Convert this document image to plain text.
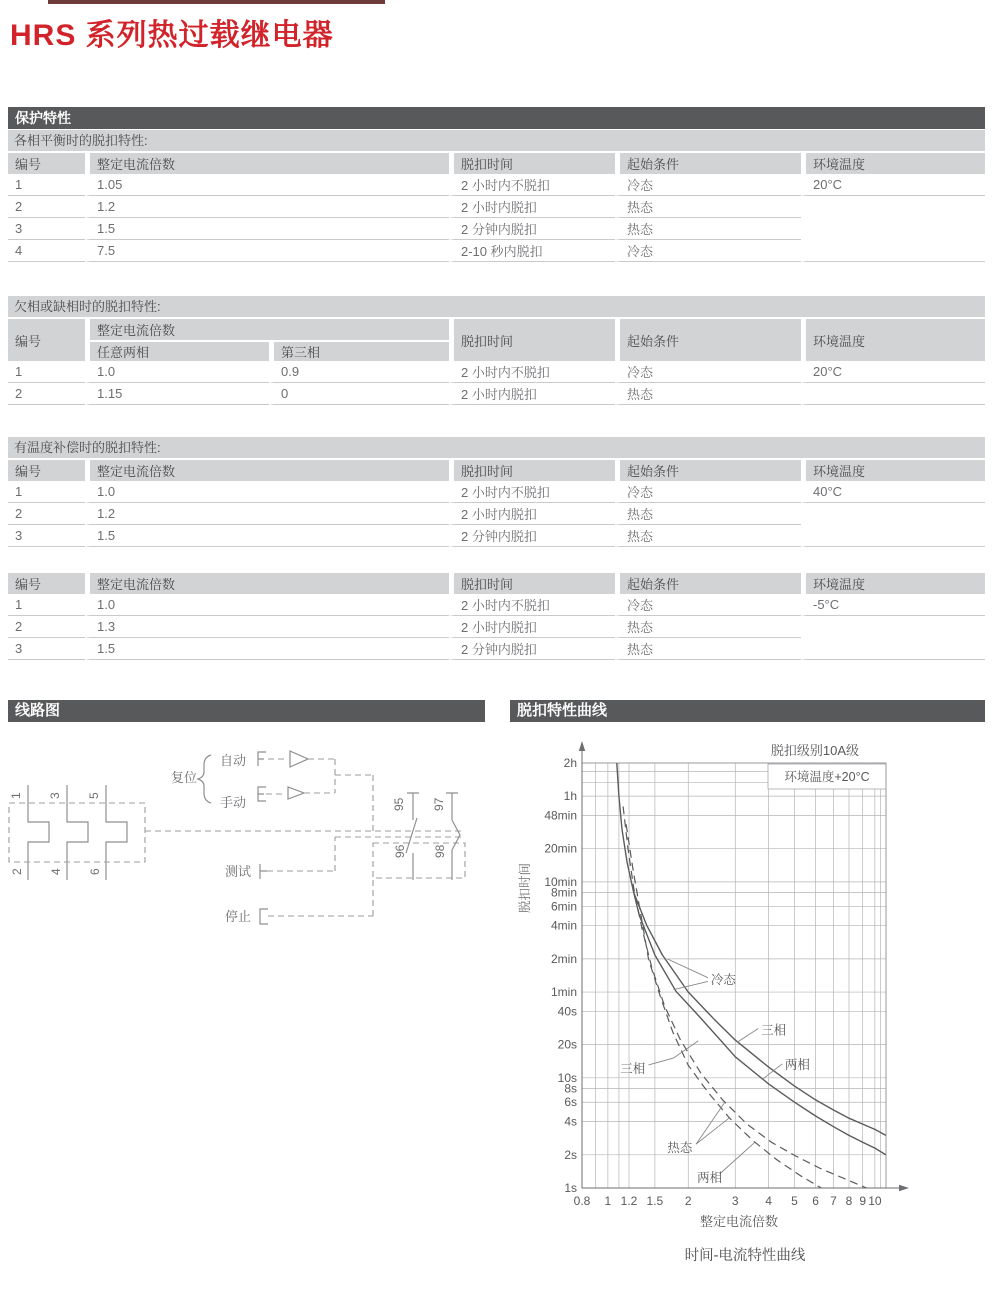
HRS 系列热过载继电器
保护特性
各相平衡时的脱扣特性:
编号	整定电流倍数	脱扣时间	起始条件	环境温度
1	1.05	2 小时内不脱扣	冷态	20°C
2	1.2	2 小时内脱扣	热态	
3	1.5	2 分钟内脱扣	热态	
4	7.5	2-10 秒内脱扣	冷态	
欠相或缺相时的脱扣特性:
编号	整定电流倍数		脱扣时间	起始条件	环境温度
	任意两相	第三相			
1	1.0	0.9	2 小时内不脱扣	冷态	20°C
2	1.15	0	2 小时内脱扣	热态	
有温度补偿时的脱扣特性:
编号	整定电流倍数	脱扣时间	起始条件	环境温度
1	1.0	2 小时内不脱扣	冷态	40°C
2	1.2	2 小时内脱扣	热态	
3	1.5	2 分钟内脱扣	热态	
编号	整定电流倍数	脱扣时间	起始条件	环境温度
1	1.0	2 小时内不脱扣	冷态	-5°C
2	1.3	2 小时内脱扣	热态	
3	1.5	2 分钟内脱扣	热态	
线路图	脱扣特性曲线
1 3 5
2 4 6
复位
自动
手动
测试
停止
95
96
97
98
环境温度+20°C
2h
1h
48min
20min
10min
8min
6min
4min
2min
1min
40s
20s
10s
8s
6s
4s
2s
1s
0.8 1 1.2 1.5 2	3 4 5 6 7 8 9 10
冷态
三相
两相
三相
热态
两相
脱扣级别10A级
脱扣时间
整定电流倍数
时间-电流特性曲线
